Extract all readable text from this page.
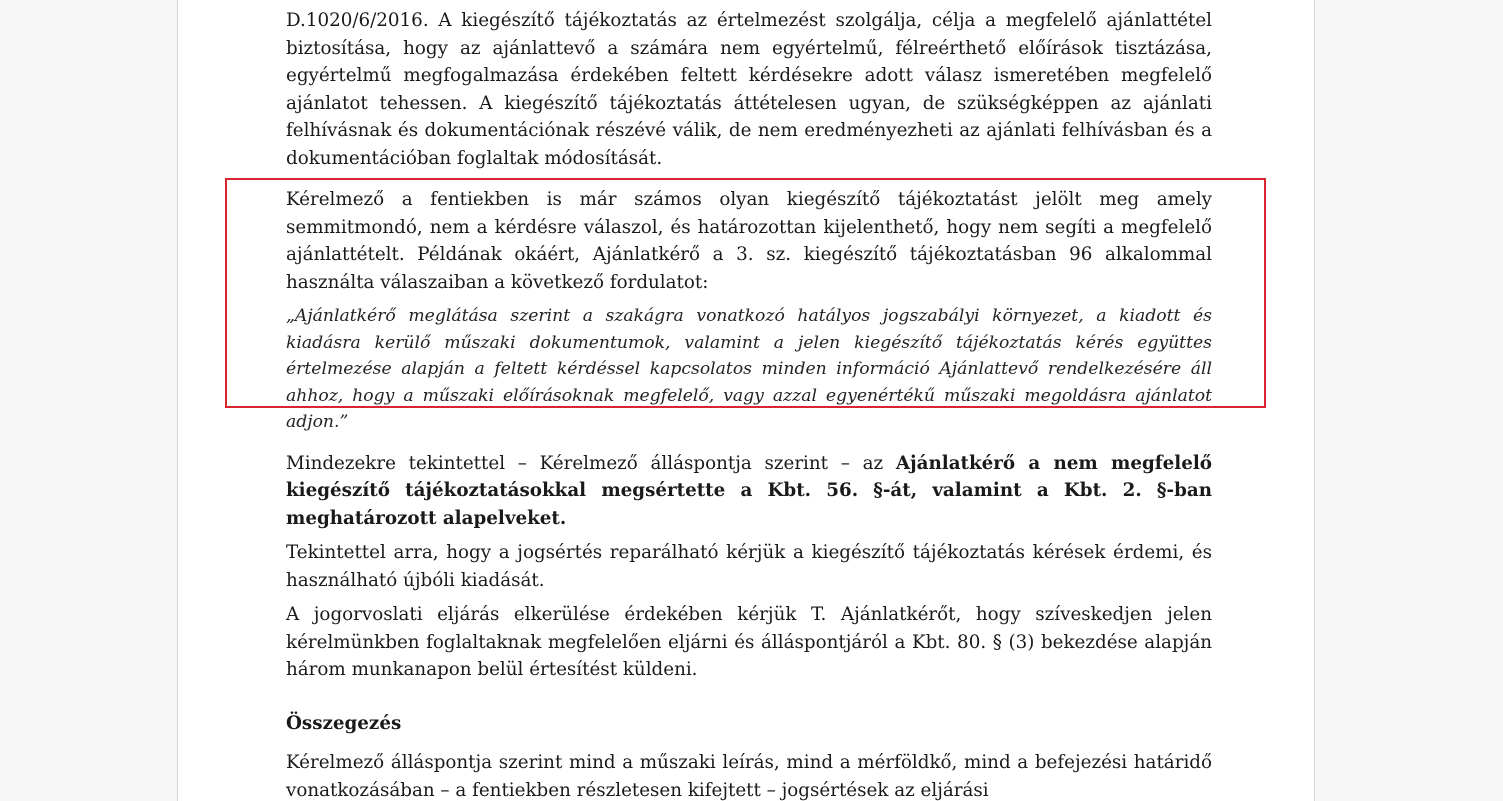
D.1020/6/2016. A kiegészítő tájékoztatás az értelmezést szolgálja, célja a megfelelő ajánlattétel biztosítása, hogy az ajánlattevő a számára nem egyértelmű, félreérthető előírások tisztázása, egyértelmű megfogalmazása érdekében feltett kérdésekre adott válasz ismeretében megfelelő ajánlatot tehessen. A kiegészítő tájékoztatás áttételesen ugyan, de szükségképpen az ajánlati felhívásnak és dokumentációnak részévé válik, de nem eredményezheti az ajánlati felhívásban és a dokumentációban foglaltak módosítását.

Kérelmező a fentiekben is már számos olyan kiegészítő tájékoztatást jelölt meg amely semmitmondó, nem a kérdésre válaszol, és határozottan kijelenthető, hogy nem segíti a megfelelő ajánlattételt. Példának okáért, Ajánlatkérő a 3. sz. kiegészítő tájékoztatásban 96 alkalommal használta válaszaiban a következő fordulatot:

„Ajánlatkérő meglátása szerint a szakágra vonatkozó hatályos jogszabályi környezet, a kiadott és kiadásra kerülő műszaki dokumentumok, valamint a jelen kiegészítő tájékoztatás kérés együttes értelmezése alapján a feltett kérdéssel kapcsolatos minden információ Ajánlattevő rendelkezésére áll ahhoz, hogy a műszaki előírásoknak megfelelő, vagy azzal egyenértékű műszaki megoldásra ajánlatot adjon.”

Mindezekre tekintettel – Kérelmező álláspontja szerint – az Ajánlatkérő a nem megfelelő kiegészítő tájékoztatásokkal megsértette a Kbt. 56. §-át, valamint a Kbt. 2. §-ban meghatározott alapelveket.

Tekintettel arra, hogy a jogsértés reparálható kérjük a kiegészítő tájékoztatás kérések érdemi, és használható újbóli kiadását.

A jogorvoslati eljárás elkerülése érdekében kérjük T. Ajánlatkérőt, hogy szíveskedjen jelen kérelmünkben foglaltaknak megfelelően eljárni és álláspontjáról a Kbt. 80. § (3) bekezdése alapján három munkanapon belül értesítést küldeni.

Összegezés

Kérelmező álláspontja szerint mind a műszaki leírás, mind a mérföldkő, mind a befejezési határidő vonatkozásában – a fentiekben részletesen kifejtett – jogsértések az eljárási
